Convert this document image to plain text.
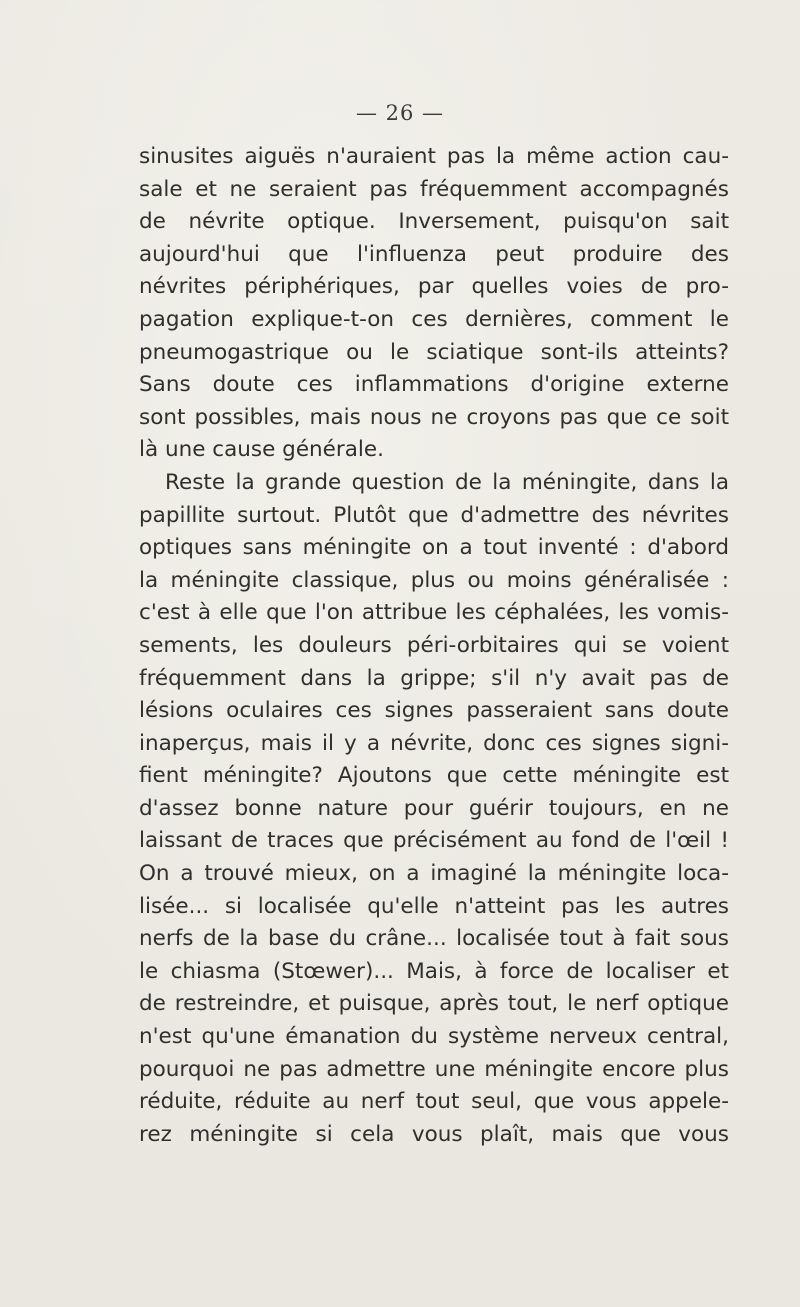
— 26 —
sinusites aiguës n'auraient pas la même action cau-
sale et ne seraient pas fréquemment accompagnés
de névrite optique. Inversement, puisqu'on sait
aujourd'hui que l'influenza peut produire des
névrites périphériques, par quelles voies de pro-
pagation explique-t-on ces dernières, comment le
pneumogastrique ou le sciatique sont-ils atteints?
Sans doute ces inflammations d'origine externe
sont possibles, mais nous ne croyons pas que ce soit
là une cause générale.
Reste la grande question de la méningite, dans la
papillite surtout. Plutôt que d'admettre des névrites
optiques sans méningite on a tout inventé : d'abord
la méningite classique, plus ou moins généralisée :
c'est à elle que l'on attribue les céphalées, les vomis-
sements, les douleurs péri-orbitaires qui se voient
fréquemment dans la grippe; s'il n'y avait pas de
lésions oculaires ces signes passeraient sans doute
inaperçus, mais il y a névrite, donc ces signes signi-
fient méningite? Ajoutons que cette méningite est
d'assez bonne nature pour guérir toujours, en ne
laissant de traces que précisément au fond de l'œil !
On a trouvé mieux, on a imaginé la méningite loca-
lisée... si localisée qu'elle n'atteint pas les autres
nerfs de la base du crâne... localisée tout à fait sous
le chiasma (Stœwer)... Mais, à force de localiser et
de restreindre, et puisque, après tout, le nerf optique
n'est qu'une émanation du système nerveux central,
pourquoi ne pas admettre une méningite encore plus
réduite, réduite au nerf tout seul, que vous appele-
rez méningite si cela vous plaît, mais que vous
